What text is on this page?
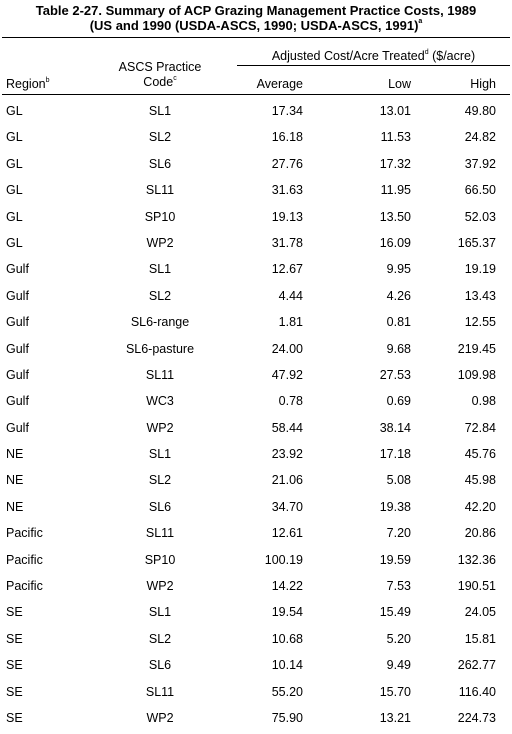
Table 2-27. Summary of ACP Grazing Management Practice Costs, 1989
(US and 1990 (USDA-ASCS, 1990; USDA-ASCS, 1991)$^a$
Adjusted Cost/Acre Treated$^d$ ($/acre)
Region$^b$
ASCS Practice
Code$^c$	Average	Low	High
GL	SL1	17.34	13.01	49.80
GL	SL2	16.18	11.53	24.82
GL	SL6	27.76	17.32	37.92
GL	SL11	31.63	11.95	66.50
GL	SP10	19.13	13.50	52.03
GL	WP2	31.78	16.09	165.37
Gulf	SL1	12.67	9.95	19.19
Gulf	SL2	4.44	4.26	13.43
Gulf	SL6-range	1.81	0.81	12.55
Gulf	SL6-pasture	24.00	9.68	219.45
Gulf	SL11	47.92	27.53	109.98
Gulf	WC3	0.78	0.69	0.98
Gulf	WP2	58.44	38.14	72.84
NE	SL1	23.92	17.18	45.76
NE	SL2	21.06	5.08	45.98
NE	SL6	34.70	19.38	42.20
Pacific	SL11	12.61	7.20	20.86
Pacific	SP10	100.19	19.59	132.36
Pacific	WP2	14.22	7.53	190.51
SE	SL1	19.54	15.49	24.05
SE	SL2	10.68	5.20	15.81
SE	SL6	10.14	9.49	262.77
SE	SL11	55.20	15.70	116.40
SE	WP2	75.90	13.21	224.73
